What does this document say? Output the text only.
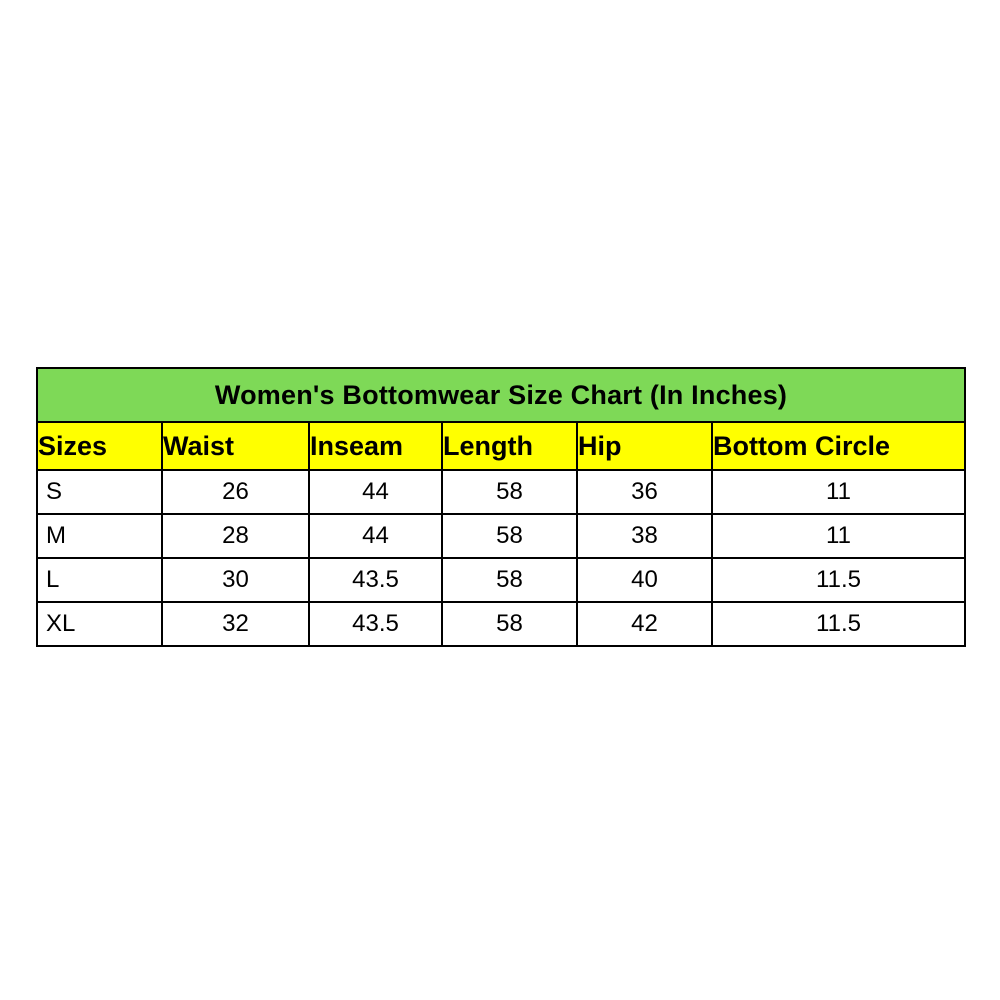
Women's Bottomwear Size Chart (In Inches)					
Sizes	Waist	Inseam	Length	Hip	Bottom Circle
S	26	44	58	36	11
M	28	44	58	38	11
L	30	43.5	58	40	11.5
XL	32	43.5	58	42	11.5
